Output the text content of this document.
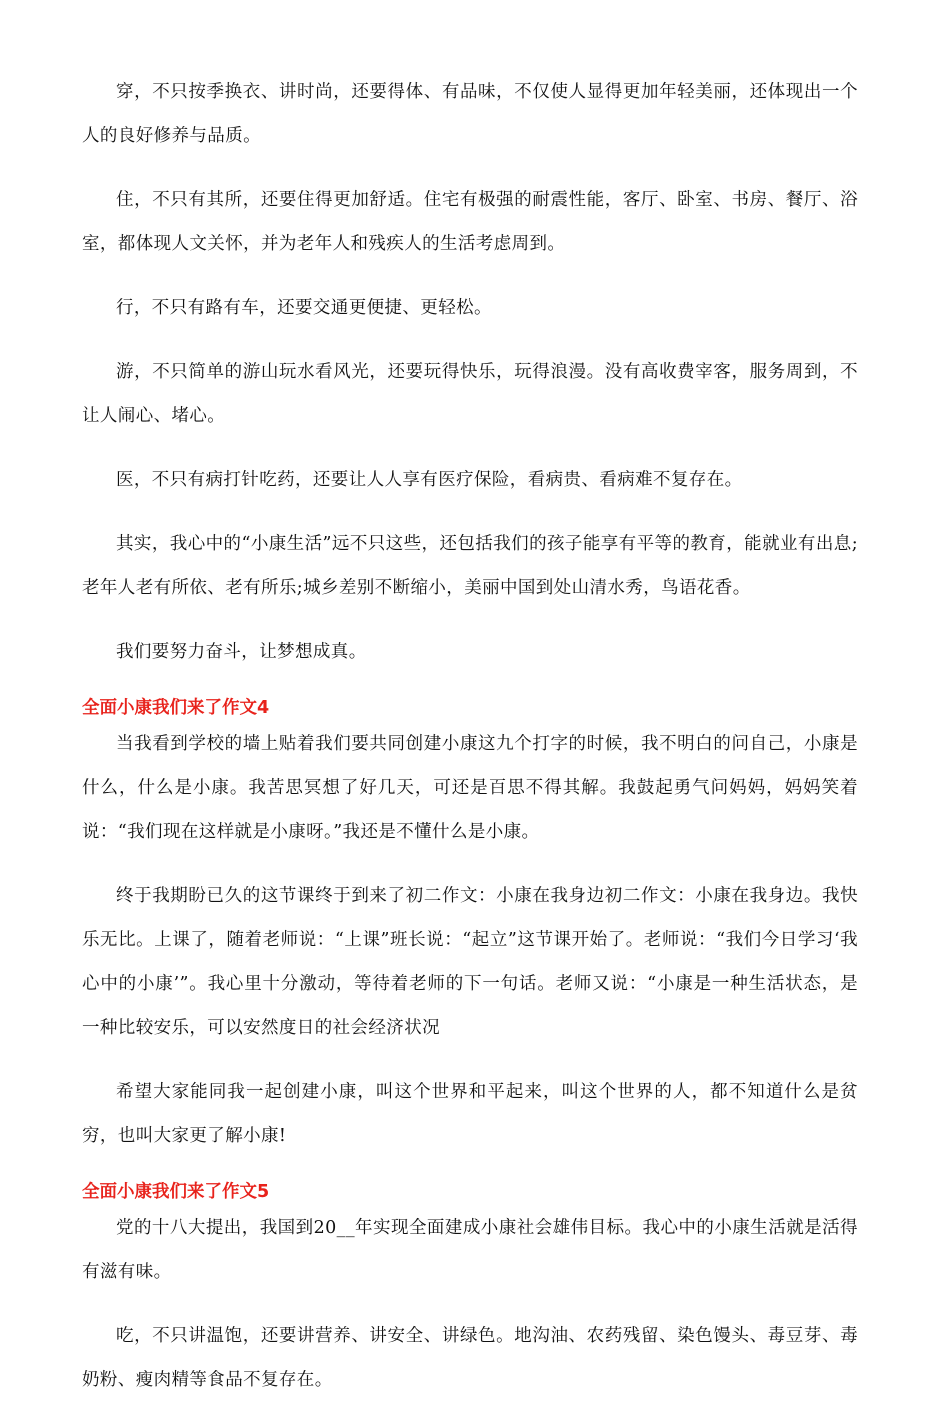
穿，不只按季换衣、讲时尚，还要得体、有品味，不仅使人显得更加年轻美丽，还体现出一个人的良好修养与品质。

住，不只有其所，还要住得更加舒适。住宅有极强的耐震性能，客厅、卧室、书房、餐厅、浴室，都体现人文关怀，并为老年人和残疾人的生活考虑周到。

行，不只有路有车，还要交通更便捷、更轻松。

游，不只简单的游山玩水看风光，还要玩得快乐，玩得浪漫。没有高收费宰客，服务周到，不让人闹心、堵心。

医，不只有病打针吃药，还要让人人享有医疗保险，看病贵、看病难不复存在。

其实，我心中的“小康生活”远不只这些，还包括我们的孩子能享有平等的教育，能就业有出息;老年人老有所依、老有所乐;城乡差别不断缩小，美丽中国到处山清水秀，鸟语花香。

我们要努力奋斗，让梦想成真。

全面小康我们来了作文4

当我看到学校的墙上贴着我们要共同创建小康这九个打字的时候，我不明白的问自己，小康是什么，什么是小康。我苦思冥想了好几天，可还是百思不得其解。我鼓起勇气问妈妈，妈妈笑着说：“我们现在这样就是小康呀。”我还是不懂什么是小康。

终于我期盼已久的这节课终于到来了初二作文：小康在我身边初二作文：小康在我身边。我快乐无比。上课了，随着老师说：“上课”班长说：“起立”这节课开始了。老师说：“我们今日学习‘我心中的小康’”。我心里十分激动，等待着老师的下一句话。老师又说：“小康是一种生活状态，是一种比较安乐，可以安然度日的社会经济状况

希望大家能同我一起创建小康，叫这个世界和平起来，叫这个世界的人，都不知道什么是贫穷，也叫大家更了解小康!

全面小康我们来了作文5

党的十八大提出，我国到20__年实现全面建成小康社会雄伟目标。我心中的小康生活就是活得有滋有味。

吃，不只讲温饱，还要讲营养、讲安全、讲绿色。地沟油、农药残留、染色馒头、毒豆芽、毒奶粉、瘦肉精等食品不复存在。
